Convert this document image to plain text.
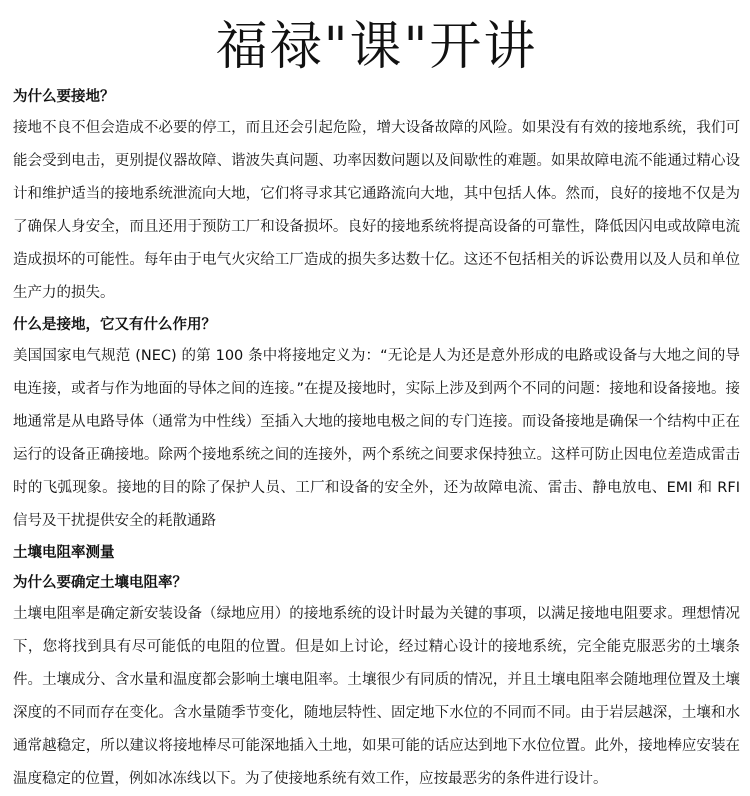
福禄"课"开讲
为什么要接地？

接地不良不但会造成不必要的停工，而且还会引起危险，增大设备故障的风险。如果没有有效的接地系统，我们可能会受到电击，更别提仪器故障、谐波失真问题、功率因数问题以及间歇性的难题。如果故障电流不能通过精心设计和维护适当的接地系统泄流向大地，它们将寻求其它通路流向大地，其中包括人体。然而，良好的接地不仅是为了确保人身安全，而且还用于预防工厂和设备损坏。良好的接地系统将提高设备的可靠性，降低因闪电或故障电流造成损坏的可能性。每年由于电气火灾给工厂造成的损失多达数十亿。这还不包括相关的诉讼费用以及人员和单位生产力的损失。

什么是接地，它又有什么作用？

美国国家电气规范 (NEC) 的第 100 条中将接地定义为：“无论是人为还是意外形成的电路或设备与大地之间的导电连接，或者与作为地面的导体之间的连接。”在提及接地时，实际上涉及到两个不同的问题：接地和设备接地。接地通常是从电路导体（通常为中性线）至插入大地的接地电极之间的专门连接。而设备接地是确保一个结构中正在运行的设备正确接地。除两个接地系统之间的连接外，两个系统之间要求保持独立。这样可防止因电位差造成雷击时的飞弧现象。接地的目的除了保护人员、工厂和设备的安全外，还为故障电流、雷击、静电放电、EMI 和 RFI 信号及干扰提供安全的耗散通路

土壤电阻率测量
为什么要确定土壤电阻率？

土壤电阻率是确定新安装设备（绿地应用）的接地系统的设计时最为关键的事项，以满足接地电阻要求。理想情况下，您将找到具有尽可能低的电阻的位置。但是如上讨论，经过精心设计的接地系统，完全能克服恶劣的土壤条件。土壤成分、含水量和温度都会影响土壤电阻率。土壤很少有同质的情况，并且土壤电阻率会随地理位置及土壤深度的不同而存在变化。含水量随季节变化，随地层特性、固定地下水位的不同而不同。由于岩层越深，土壤和水通常越稳定，所以建议将接地棒尽可能深地插入土地，如果可能的话应达到地下水位位置。此外，接地棒应安装在温度稳定的位置，例如冰冻线以下。为了使接地系统有效工作，应按最恶劣的条件进行设计。
